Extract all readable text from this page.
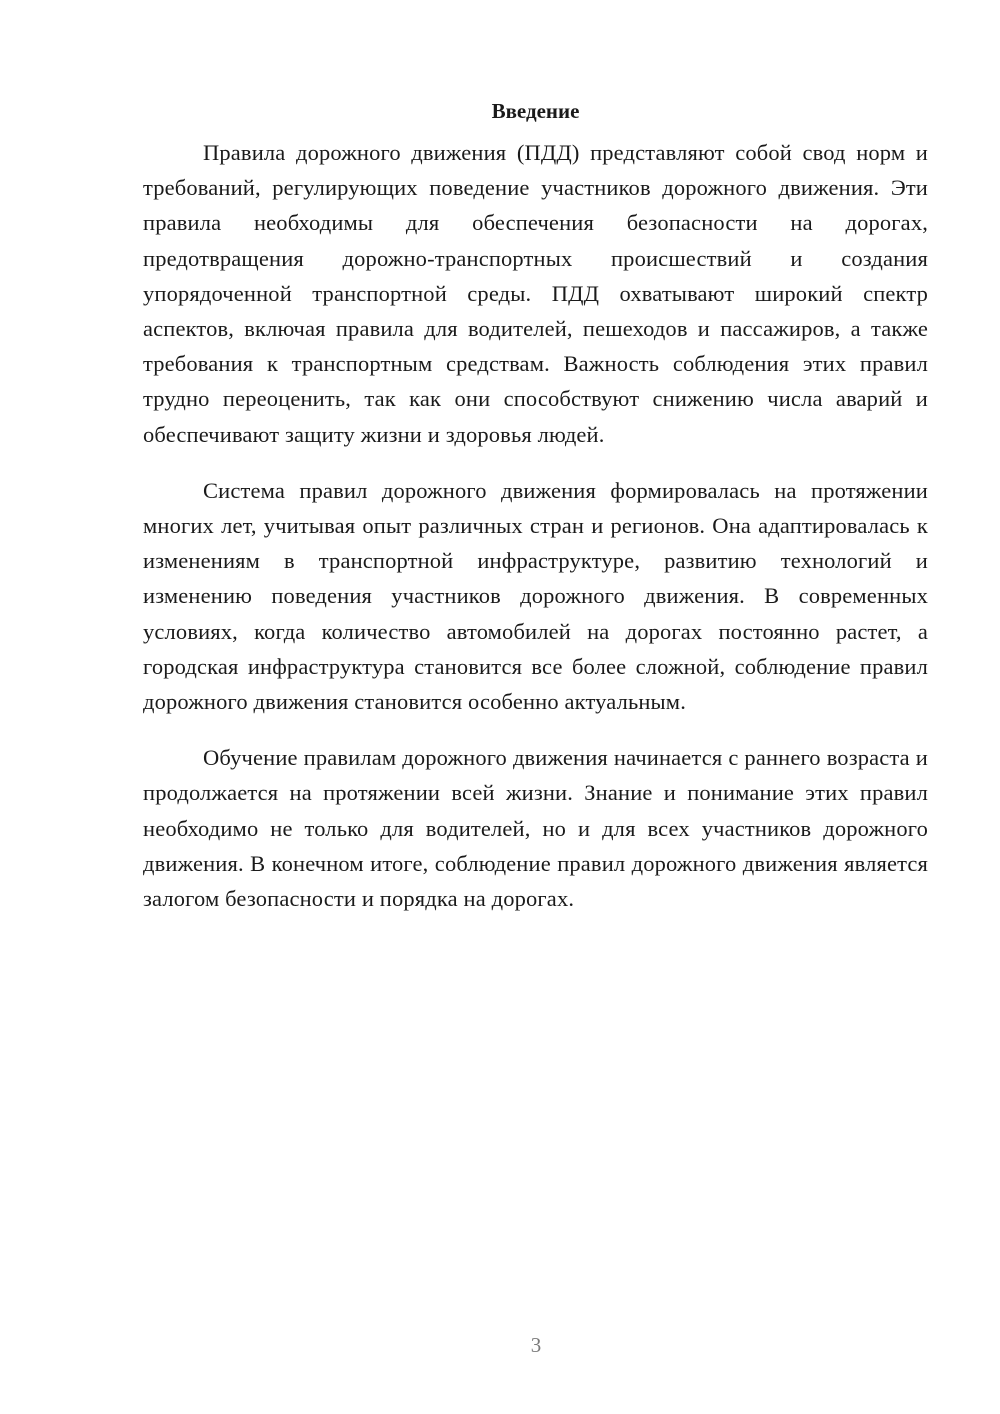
Введение

Правила дорожного движения (ПДД) представляют собой свод норм и требований, регулирующих поведение участников дорожного движения. Эти правила необходимы для обеспечения безопасности на дорогах, предотвращения дорожно-транспортных происшествий и создания упорядоченной транспортной среды. ПДД охватывают широкий спектр аспектов, включая правила для водителей, пешеходов и пассажиров, а также требования к транспортным средствам. Важность соблюдения этих правил трудно переоценить, так как они способствуют снижению числа аварий и обеспечивают защиту жизни и здоровья людей.

Система правил дорожного движения формировалась на протяжении многих лет, учитывая опыт различных стран и регионов. Она адаптировалась к изменениям в транспортной инфраструктуре, развитию технологий и изменению поведения участников дорожного движения. В современных условиях, когда количество автомобилей на дорогах постоянно растет, а городская инфраструктура становится все более сложной, соблюдение правил дорожного движения становится особенно актуальным.

Обучение правилам дорожного движения начинается с раннего возраста и продолжается на протяжении всей жизни. Знание и понимание этих правил необходимо не только для водителей, но и для всех участников дорожного движения. В конечном итоге, соблюдение правил дорожного движения является залогом безопасности и порядка на дорогах.

3
